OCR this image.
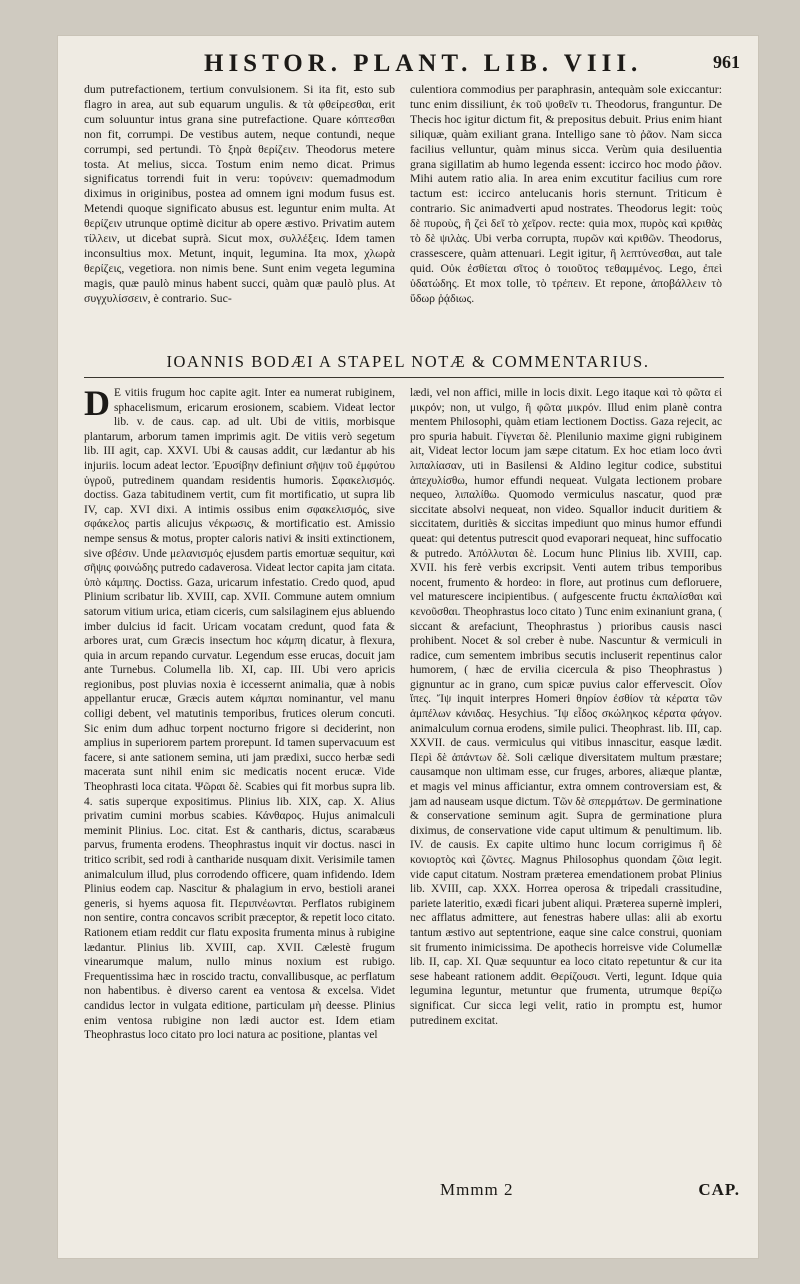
HISTOR. PLANT. LIB. VIII.	961

dum putrefactionem, tertium convulsionem. Si ita fit, esto sub flagro in area, aut sub equarum ungulis. & τὰ φθείρεσθαι, erit cum soluuntur intus grana sine putrefactione. Quare κόπτεσθαι non fit, corrumpi. De vestibus autem, neque contundi, neque corrumpi, sed pertundi. Τὸ ξηρὰ θερίζειν. Theodorus metere tosta. At melius, sicca. Tostum enim nemo dicat. Primus significatus torrendi fuit in veru: τορύνειν: quemadmodum diximus in originibus, postea ad omnem igni modum fusus est. Metendi quoque significato abusus est. leguntur enim multa. At θερίζειν utrunque optimè dicitur ab opere æstivo. Privatim autem τίλλειν, ut dicebat suprà. Sicut mox, συλλέξεις. Idem tamen inconsultius mox. Metunt, inquit, legumina. Ita mox, χλωρὰ θερίζεις, vegetiora. non nimis bene. Sunt enim vegeta legumina magis, quæ paulò minus habent succi, quàm quæ paulò plus. At συγχυλίσσειν, è contrario. Suc-

culentiora commodius per paraphrasin, antequàm sole exiccantur: tunc enim dissiliunt, ἐκ τοῦ ψοθεῖν τι. Theodorus, franguntur. De Thecis hoc igitur dictum fit, & prepositus debuit. Prius enim hiant siliquæ, quàm exiliant grana. Intelligo sane τὸ ῥᾶον. Nam sicca facilius velluntur, quàm minus sicca. Verùm quia desiluentia grana sigillatim ab humo legenda essent: iccirco hoc modo ῥᾶον. Mihi autem ratio alia. In area enim excutitur facilius cum rore tactum est: iccirco antelucanis horis sternunt. Triticum è contrario. Sic animadverti apud nostrates. Theodorus legit: τοὺς δὲ πυροὺς, ἢ ζεὶ δεῖ τὸ χεῖρον. recte: quia mox, πυρὸς καὶ κριθὰς τὸ δὲ ψιλὰς. Ubi verba corrupta, πυρῶν καὶ κριθῶν. Theodorus, crassescere, quàm attenuari. Legit igitur, ἢ λεπτύνεσθαι, aut tale quid. Οὐκ ἐσθίεται σῖτος ὁ τοιοῦτος τεθαμμένος. Lego, ἐπεὶ ὑδατώδης. Et mox tolle, τὸ τρέπειν. Et repone, ἀποβάλλειν τὸ ὕδωρ ῥᾴδιως.

IOANNIS BODÆI A STAPEL NOTÆ & COMMENTARIUS.

D E vitiis frugum hoc capite agit. Inter ea numerat rubiginem, sphacelismum, ericarum erosionem, scabiem. Videat lector lib. v. de caus. cap. ad ult. Ubi de vitiis, morbisque plantarum, arborum tamen imprimis agit. De vitiis verò segetum lib. III agit, cap. XXVI. Ubi & causas addit, cur lædantur ab his injuriis. locum adeat lector. Ἐρυσίβην definiunt σῆψιν τοῦ ἐμφύτου ὑγροῦ, putredinem quandam residentis humoris. Σφακελισμός. doctiss. Gaza tabitudinem vertit, cum fit mortificatio, ut supra lib IV, cap. XVI dixi. A intimis ossibus enim σφακελισμός, sive σφάκελος partis alicujus νέκρωσις, & mortificatio est. Amissio nempe sensus & motus, propter caloris nativi & insiti extinctionem, sive σβέσιν. Unde μελανισμός ejusdem partis emortuæ sequitur, καὶ σῆψις φοινώδης putredo cadaverosa. Videat lector capita jam citata. ὑπὸ κάμπης. Doctiss. Gaza, uricarum infestatio. Credo quod, apud Plinium scribatur lib. XVIII, cap. XVII. Commune autem omnium satorum vitium urica, etiam ciceris, cum salsilaginem ejus abluendo imber dulcius id facit. Uricam vocatam credunt, quod fata & arbores urat, cum Græcis insectum hoc κάμπη dicatur, à flexura, quia in arcum repando curvatur. Legendum esse erucas, docuit jam ante Turnebus. Columella lib. XI, cap. III. Ubi vero apricis regionibus, post pluvias noxia è iccessernt animalia, quæ à nobis appellantur erucæ, Græcis autem κάμπαι nominantur, vel manu colligi debent, vel matutinis temporibus, frutices olerum concuti. Sic enim dum adhuc torpent nocturno frigore si deciderint, non amplius in superiorem partem prorepunt. Id tamen supervacuum est facere, si ante sationem semina, uti jam prædixi, succo herbæ sedi macerata sunt nihil enim sic medicatis nocent erucæ. Vide Theophrasti loca citata. Ψῶραι δὲ. Scabies qui fit morbus supra lib. 4. satis superque expositimus. Plinius lib. XIX, cap. X. Alius privatim cumini morbus scabies. Κάνθαρος. Hujus animalculi meminit Plinius. Loc. citat. Est & cantharis, dictus, scarabæus parvus, frumenta erodens. Theophrastus inquit vir doctus. nasci in tritico scribit, sed rodi à cantharide nusquam dixit. Verisimile tamen animalculum illud, plus corrodendo officere, quam infidendo. Idem Plinius eodem cap. Nascitur & phalagium in ervo, bestioli aranei generis, si hyems aquosa fit. Περιπνέωνται. Perflatos rubiginem non sentire, contra concavos scribit præceptor, & repetit loco citato. Rationem etiam reddit cur flatu exposita frumenta minus à rubigine lædantur. Plinius lib. XVIII, cap. XVII. Cælestè frugum vinearumque malum, nullo minus noxium est rubigo. Frequentissima hæc in roscido tractu, convallibusque, ac perflatum non habentibus. è diverso carent ea ventosa & excelsa. Videt candidus lector in vulgata editione, particulam μὴ deesse. Plinius enim ventosa rubigine non lædi auctor est. Idem etiam Theophrastus loco citato pro loci natura ac positione, plantas vel

lædi, vel non affici, mille in locis dixit. Lego itaque καὶ τὸ φῶτα εἰ μικρόν; non, ut vulgo, ἢ φῶτα μικρόν. Illud enim planè contra mentem Philosophi, quàm etiam lectionem Doctiss. Gaza rejecit, ac pro spuria habuit. Γίγνεται δὲ. Plenilunio maxime gigni rubiginem ait, Videat lector locum jam sæpe citatum. Ex hoc etiam loco ἀντὶ λιπαλίασαν, uti in Basilensi & Aldino legitur codice, substitui ἀπεχυλίσθω, humor effundi nequeat. Vulgata lectionem probare nequeo, λιπαλίθω. Quomodo vermiculus nascatur, quod præ siccitate absolvi nequeat, non video. Squallor inducit duritiem & siccitatem, duritiès & siccitas impediunt quo minus humor effundi queat: qui detentus putrescit quod evaporari nequeat, hinc suffocatio & putredo. Ἀπόλλυται δὲ. Locum hunc Plinius lib. XVIII, cap. XVII. his ferè verbis excripsit. Venti autem tribus temporibus nocent, frumento & hordeo: in flore, aut protinus cum defloruere, vel maturescere incipientibus. ( aufgescente fructu ἐκπαλίσθαι καὶ κενοῦσθαι. Theophrastus loco citato ) Tunc enim exinaniunt grana, ( siccant & arefaciunt, Theophrastus ) prioribus causis nasci prohibent. Nocet & sol creber è nube. Nascuntur & vermiculi in radice, cum sementem imbribus secutis incluserit repentinus calor humorem, ( hæc de ervilia cicercula & piso Theophrastus ) gignuntur ac in grano, cum spicæ puvius calor effervescit. Οἷον ἵπες. Ἴψ inquit interpres Homeri θηρίον ἐσθίον τὰ κέρατα τῶν ἀμπέλων κάνιδας. Hesychius. Ἴψ εἶδος σκώληκος κέρατα φάγον. animalculum cornua erodens, simile pulici. Theophrast. lib. III, cap. XXVII. de caus. vermiculus qui vitibus innascitur, easque lædit. Περὶ δὲ ἀπάντων δὲ. Soli cælique diversitatem multum præstare; causamque non ultimam esse, cur fruges, arbores, aliæque plantæ, et magis vel minus afficiantur, extra omnem controversiam est, & jam ad nauseam usque dictum. Τῶν δὲ σπερμάτων. De germinatione & conservatione seminum agit. Supra de germinatione plura diximus, de conservatione vide caput ultimum & penultimum. lib. IV. de causis. Ex capite ultimo hunc locum corrigimus ἢ δὲ κονιορτὸς καὶ ζῶντες. Magnus Philosophus quondam ζῶια legit. vide caput citatum. Nostram præterea emendationem probat Plinius lib. XVIII, cap. XXX. Horrea operosa & tripedali crassitudine, pariete lateritio, exædi ficari jubent aliqui. Præterea supernè impleri, nec afflatus admittere, aut fenestras habere ullas: alii ab exortu tantum æstivo aut septentrione, eaque sine calce construi, quoniam sit frumento inimicissima. De apothecis horreisve vide Columellæ lib. II, cap. XI. Quæ sequuntur ea loco citato repetuntur & cur ita sese habeant rationem addit. Θερίζουσι. Verti, legunt. Idque quia legumina leguntur, metuntur que frumenta, utrumque θερίζω significat. Cur sicca legi velit, ratio in promptu est, humor putredinem excitat.

Mmmm 2	CAP.
